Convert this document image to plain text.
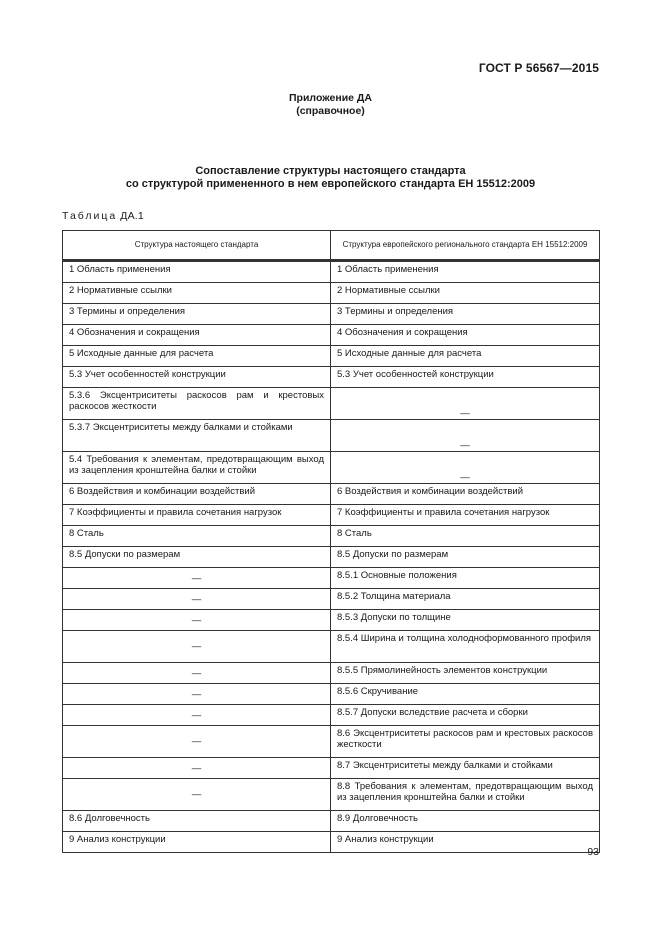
ГОСТ Р 56567—2015
Приложение ДА
(справочное)
Сопоставление структуры настоящего стандарта
со структурой примененного в нем европейского стандарта ЕН 15512:2009
Таблица ДА.1
Структура настоящего стандарта	Структура европейского регионального стандарта ЕН 15512:2009

1 Область применения	1 Область применения
2 Нормативные ссылки	2 Нормативные ссылки
3 Термины и определения	3 Термины и определения
4 Обозначения и сокращения	4 Обозначения и сокращения
5 Исходные данные для расчета	5 Исходные данные для расчета
5.3 Учет особенностей конструкции	5.3 Учет особенностей конструкции
5.3.6 Эксцентриситеты раскосов рам и крестовых раскосов жесткости	—
5.3.7 Эксцентриситеты между балками и стойками	—
5.4 Требования к элементам, предотвращающим выход из зацепления кронштейна балки и стойки	—
6 Воздействия и комбинации воздействий	6 Воздействия и комбинации воздействий
7 Коэффициенты и правила сочетания нагрузок	7 Коэффициенты и правила сочетания нагрузок
8 Сталь	8 Сталь
8.5 Допуски по размерам	8.5 Допуски по размерам
—	8.5.1 Основные положения
—	8.5.2 Толщина материала
—	8.5.3 Допуски по толщине
—	8.5.4 Ширина и толщина холодноформованного профиля
—	8.5.5 Прямолинейность элементов конструкции
—	8.5.6 Скручивание
—	8.5.7 Допуски вследствие расчета и сборки
—	8.6 Эксцентриситеты раскосов рам и крестовых раскосов жесткости
—	8.7 Эксцентриситеты между балками и стойками
—	8.8 Требования к элементам, предотвращающим выход из зацепления кронштейна балки и стойки
8.6 Долговечность	8.9 Долговечность
9 Анализ конструкции	9 Анализ конструкции
93
